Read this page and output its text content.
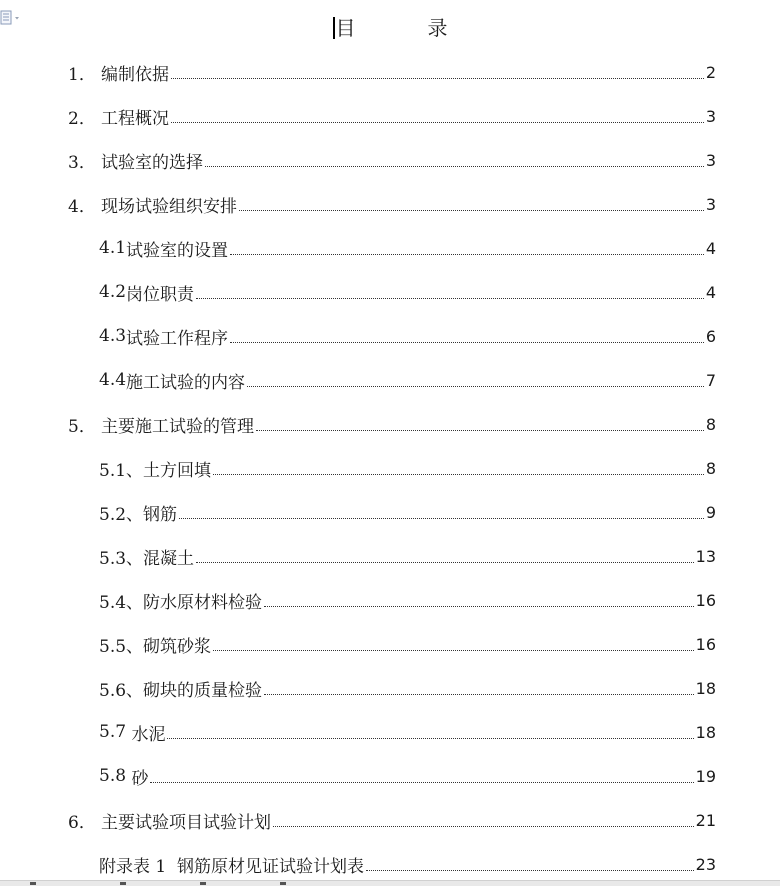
目	录
1． 编制依据	2
2． 工程概况	3
3． 试验室的选择	3
4． 现场试验组织安排	3
4.1 试验室的设置	4
4.2 岗位职责	4
4.3 试验工作程序	6
4.4 施工试验的内容	7
5． 主要施工试验的管理	8
5.1、 土方回填	8
5.2、 钢筋	9
5.3、 混凝土	13
5.4、 防水原材料检验	16
5.5、 砌筑砂浆	16
5.6、 砌块的质量检验	18
5.7 水泥	18
5.8 砂	19
6． 主要试验项目试验计划	21
附录表 1 钢筋原材见证试验计划表	23
